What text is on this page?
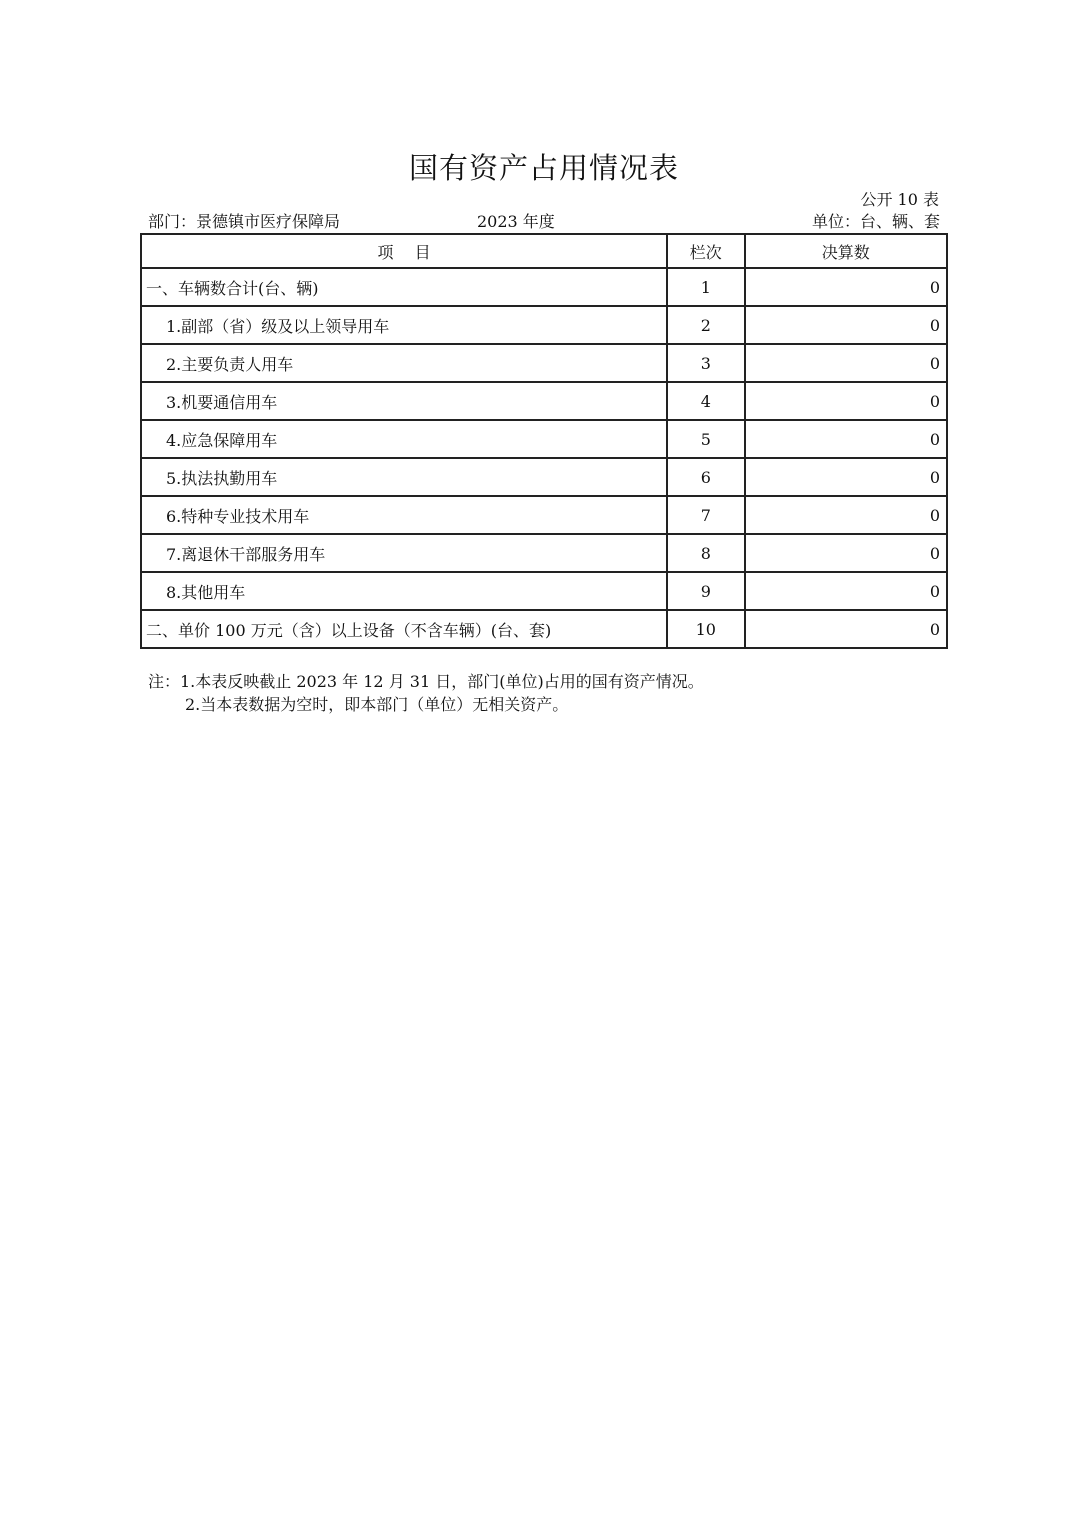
国有资产占用情况表
公开 10 表
部门：景德镇市医疗保障局	2023 年度	单位：台、辆、套
项　 目	栏次	决算数
一、车辆数合计(台、辆)	1	0
1.副部（省）级及以上领导用车	2	0
2.主要负责人用车	3	0
3.机要通信用车	4	0
4.应急保障用车	5	0
5.执法执勤用车	6	0
6.特种专业技术用车	7	0
7.离退休干部服务用车	8	0
8.其他用车	9	0
二、单价 100 万元（含）以上设备（不含车辆）(台、套)	10	0
注：1.本表反映截止 2023 年 12 月 31 日，部门(单位)占用的国有资产情况。
2.当本表数据为空时，即本部门（单位）无相关资产。
